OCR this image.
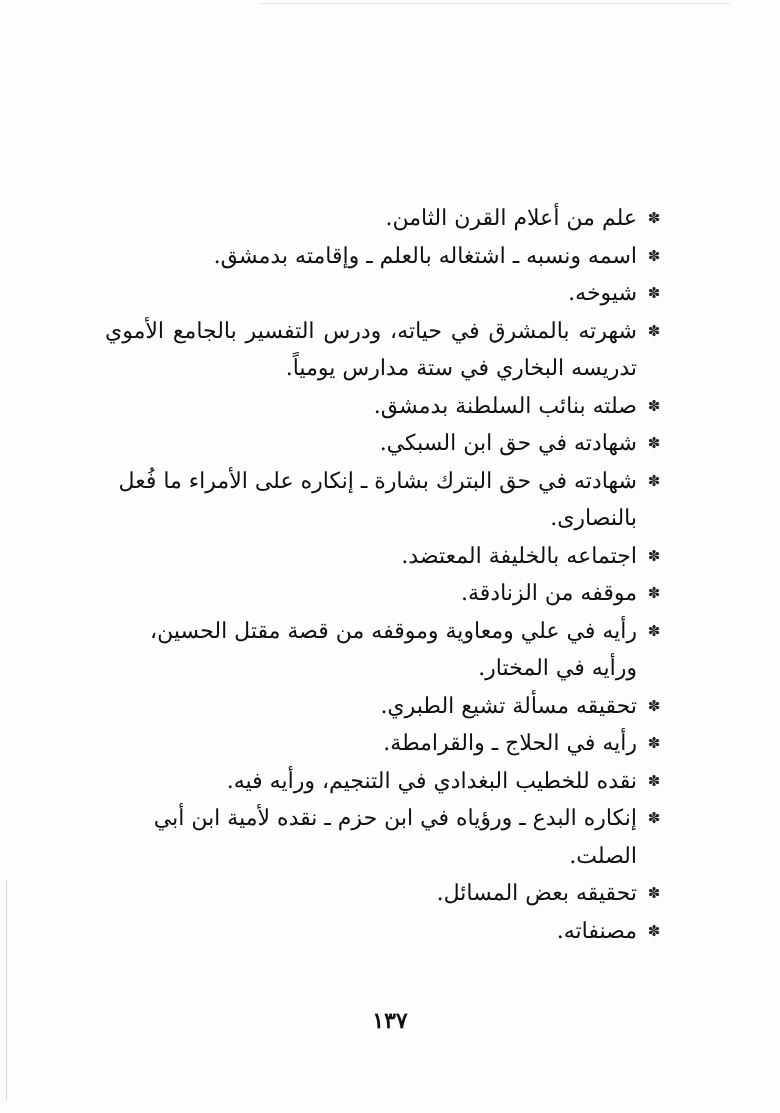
✽
علم من أعلام القرن الثامن.
✽
اسمه ونسبه ـ اشتغاله بالعلم ـ وإقامته بدمشق.
✽
شيوخه.
✽
شهرته بالمشرق في حياته، ودرس التفسير بالجامع الأموي تدريسه البخاري في ستة مدارس يومياً.
✽
صلته بنائب السلطنة بدمشق.
✽
شهادته في حق ابن السبكي.
✽
شهادته في حق البترك بشارة ـ إنكاره على الأمراء ما فُعل بالنصارى.
✽
اجتماعه بالخليفة المعتضد.
✽
موقفه من الزنادقة.
✽
رأيه في علي ومعاوية وموقفه من قصة مقتل الحسين، ورأيه في المختار.
✽
تحقيقه مسألة تشيع الطبري.
✽
رأيه في الحلاج ـ والقرامطة.
✽
نقده للخطيب البغدادي في التنجيم، ورأيه فيه.
✽
إنكاره البدع ـ ورؤياه في ابن حزم ـ نقده لأمية ابن أبي الصلت.
✽
تحقيقه بعض المسائل.
✽
مصنفاته.
١٣٧
